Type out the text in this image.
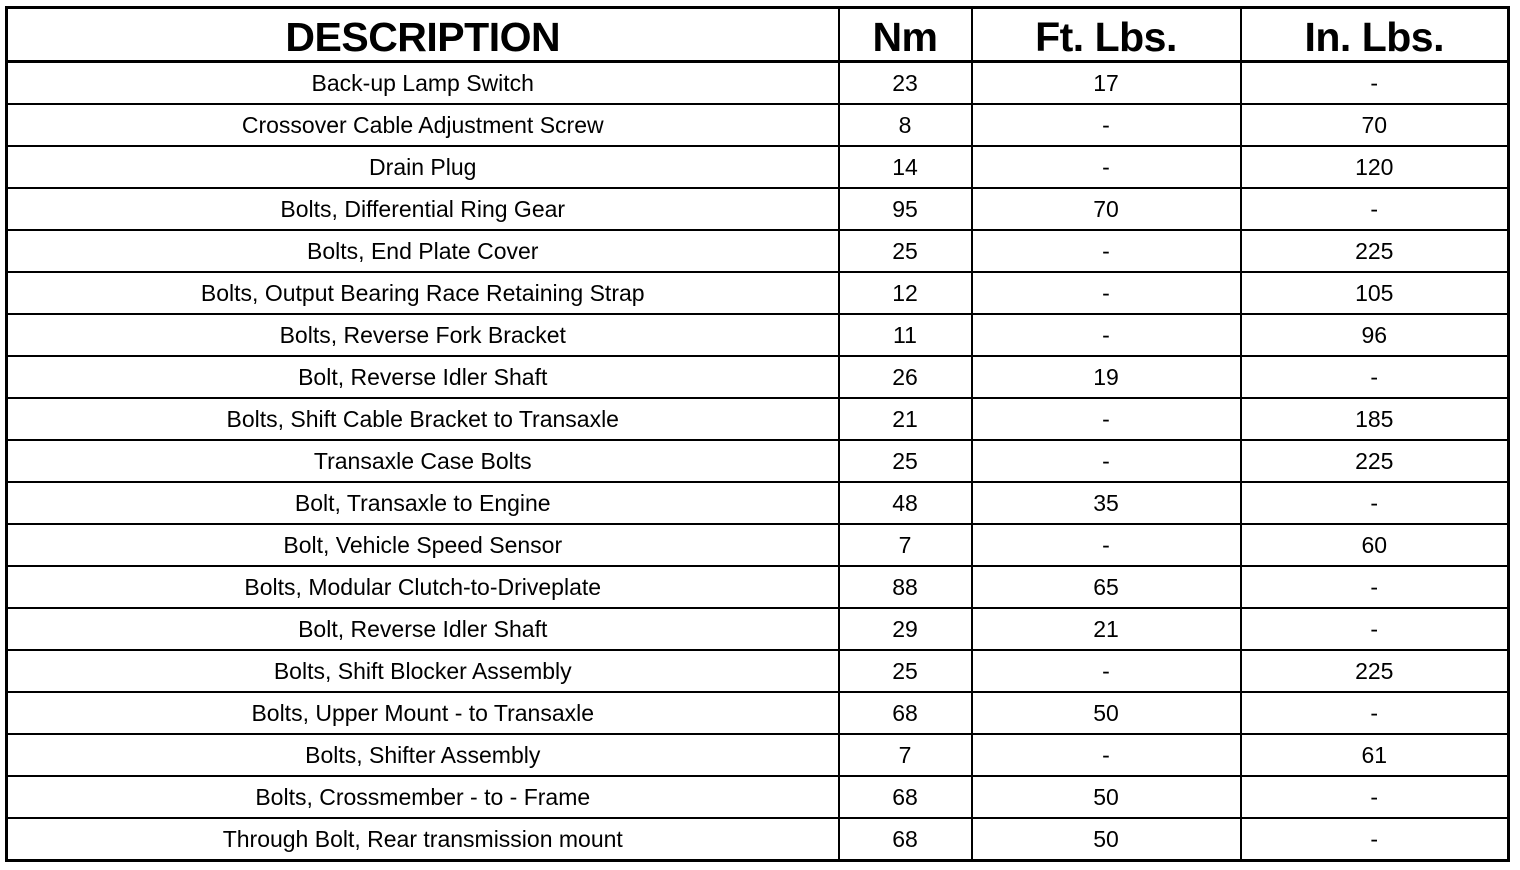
DESCRIPTION	Nm	Ft. Lbs.	In. Lbs.
Back-up Lamp Switch	23	17	-
Crossover Cable Adjustment Screw	8	-	70
Drain Plug	14	-	120
Bolts, Differential Ring Gear	95	70	-
Bolts, End Plate Cover	25	-	225
Bolts, Output Bearing Race Retaining Strap	12	-	105
Bolts, Reverse Fork Bracket	11	-	96
Bolt, Reverse Idler Shaft	26	19	-
Bolts, Shift Cable Bracket to Transaxle	21	-	185
Transaxle Case Bolts	25	-	225
Bolt, Transaxle to Engine	48	35	-
Bolt, Vehicle Speed Sensor	7	-	60
Bolts, Modular Clutch-to-Driveplate	88	65	-
Bolt, Reverse Idler Shaft	29	21	-
Bolts, Shift Blocker Assembly	25	-	225
Bolts, Upper Mount - to Transaxle	68	50	-
Bolts, Shifter Assembly	7	-	61
Bolts, Crossmember - to - Frame	68	50	-
Through Bolt, Rear transmission mount	68	50	-
